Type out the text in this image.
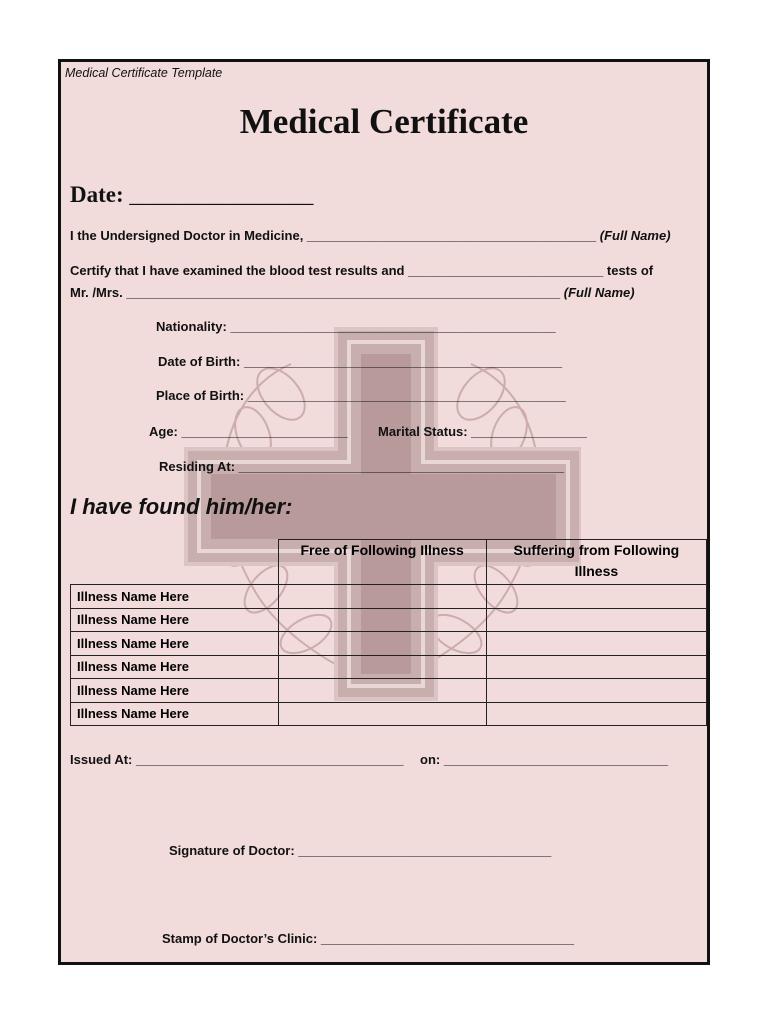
Medical Certificate Template
Medical Certificate
Date: ________________
I the Undersigned Doctor in Medicine, ________________________________________ (Full Name)
Certify that I have examined the blood test results and ___________________________ tests of
Mr. /Mrs. ____________________________________________________________ (Full Name)
Nationality: _____________________________________________
Date of Birth: ____________________________________________
Place of Birth: ____________________________________________
Age: _______________________ Marital Status: ________________
Residing At: _____________________________________________
I have found him/her:
	Free of Following Illness	Suffering from Following Illness
Illness Name Here		
Illness Name Here		
Illness Name Here		
Illness Name Here		
Illness Name Here		
Illness Name Here		
Issued At: _____________________________________ on: _______________________________
Signature of Doctor: ___________________________________
Stamp of Doctor’s Clinic: ___________________________________
